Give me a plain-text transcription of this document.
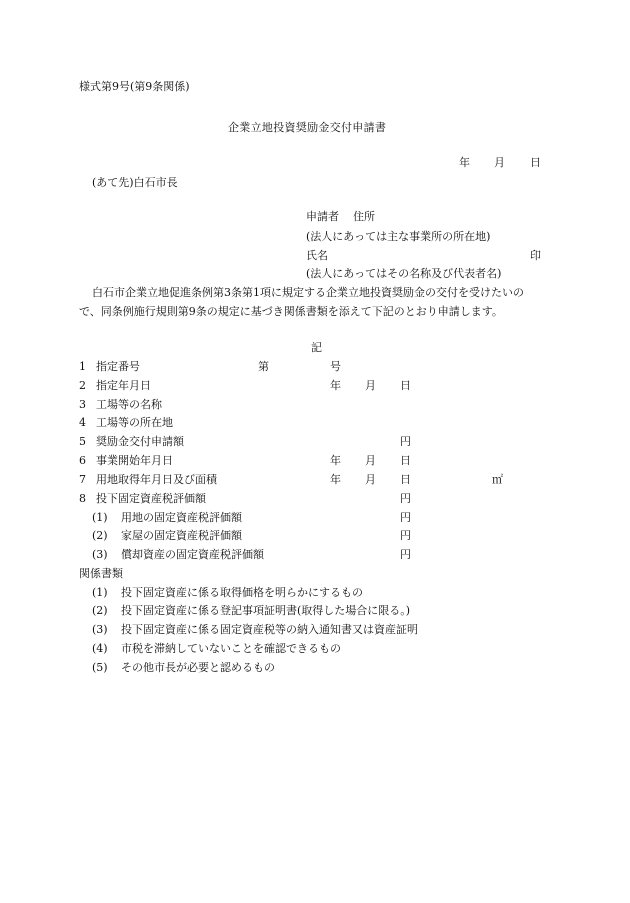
様式第9号(第9条関係)
企業立地投資奨励金交付申請書
年 月 日
(あて先)白石市長
申請者 住所
(法人にあっては主な事業所の所在地)
氏名	印
(法人にあってはその名称及び代表者名)
白石市企業立地促進条例第3条第1項に規定する企業立地投資奨励金の交付を受けたいの
で、同条例施行規則第9条の規定に基づき関係書類を添えて下記のとおり申請します。
記
1 指定番号	第	号
2 指定年月日	年 月 日
3 工場等の名称
4 工場等の所在地
5 奨励金交付申請額	円
6 事業開始年月日	年 月 日
7 用地取得年月日及び面積	年 月 日	㎡
8 投下固定資産税評価額	円
(1) 用地の固定資産税評価額	円
(2) 家屋の固定資産税評価額	円
(3) 償却資産の固定資産税評価額	円
関係書類
(1) 投下固定資産に係る取得価格を明らかにするもの
(2) 投下固定資産に係る登記事項証明書(取得した場合に限る。)
(3) 投下固定資産に係る固定資産税等の納入通知書又は資産証明
(4) 市税を滞納していないことを確認できるもの
(5) その他市長が必要と認めるもの
